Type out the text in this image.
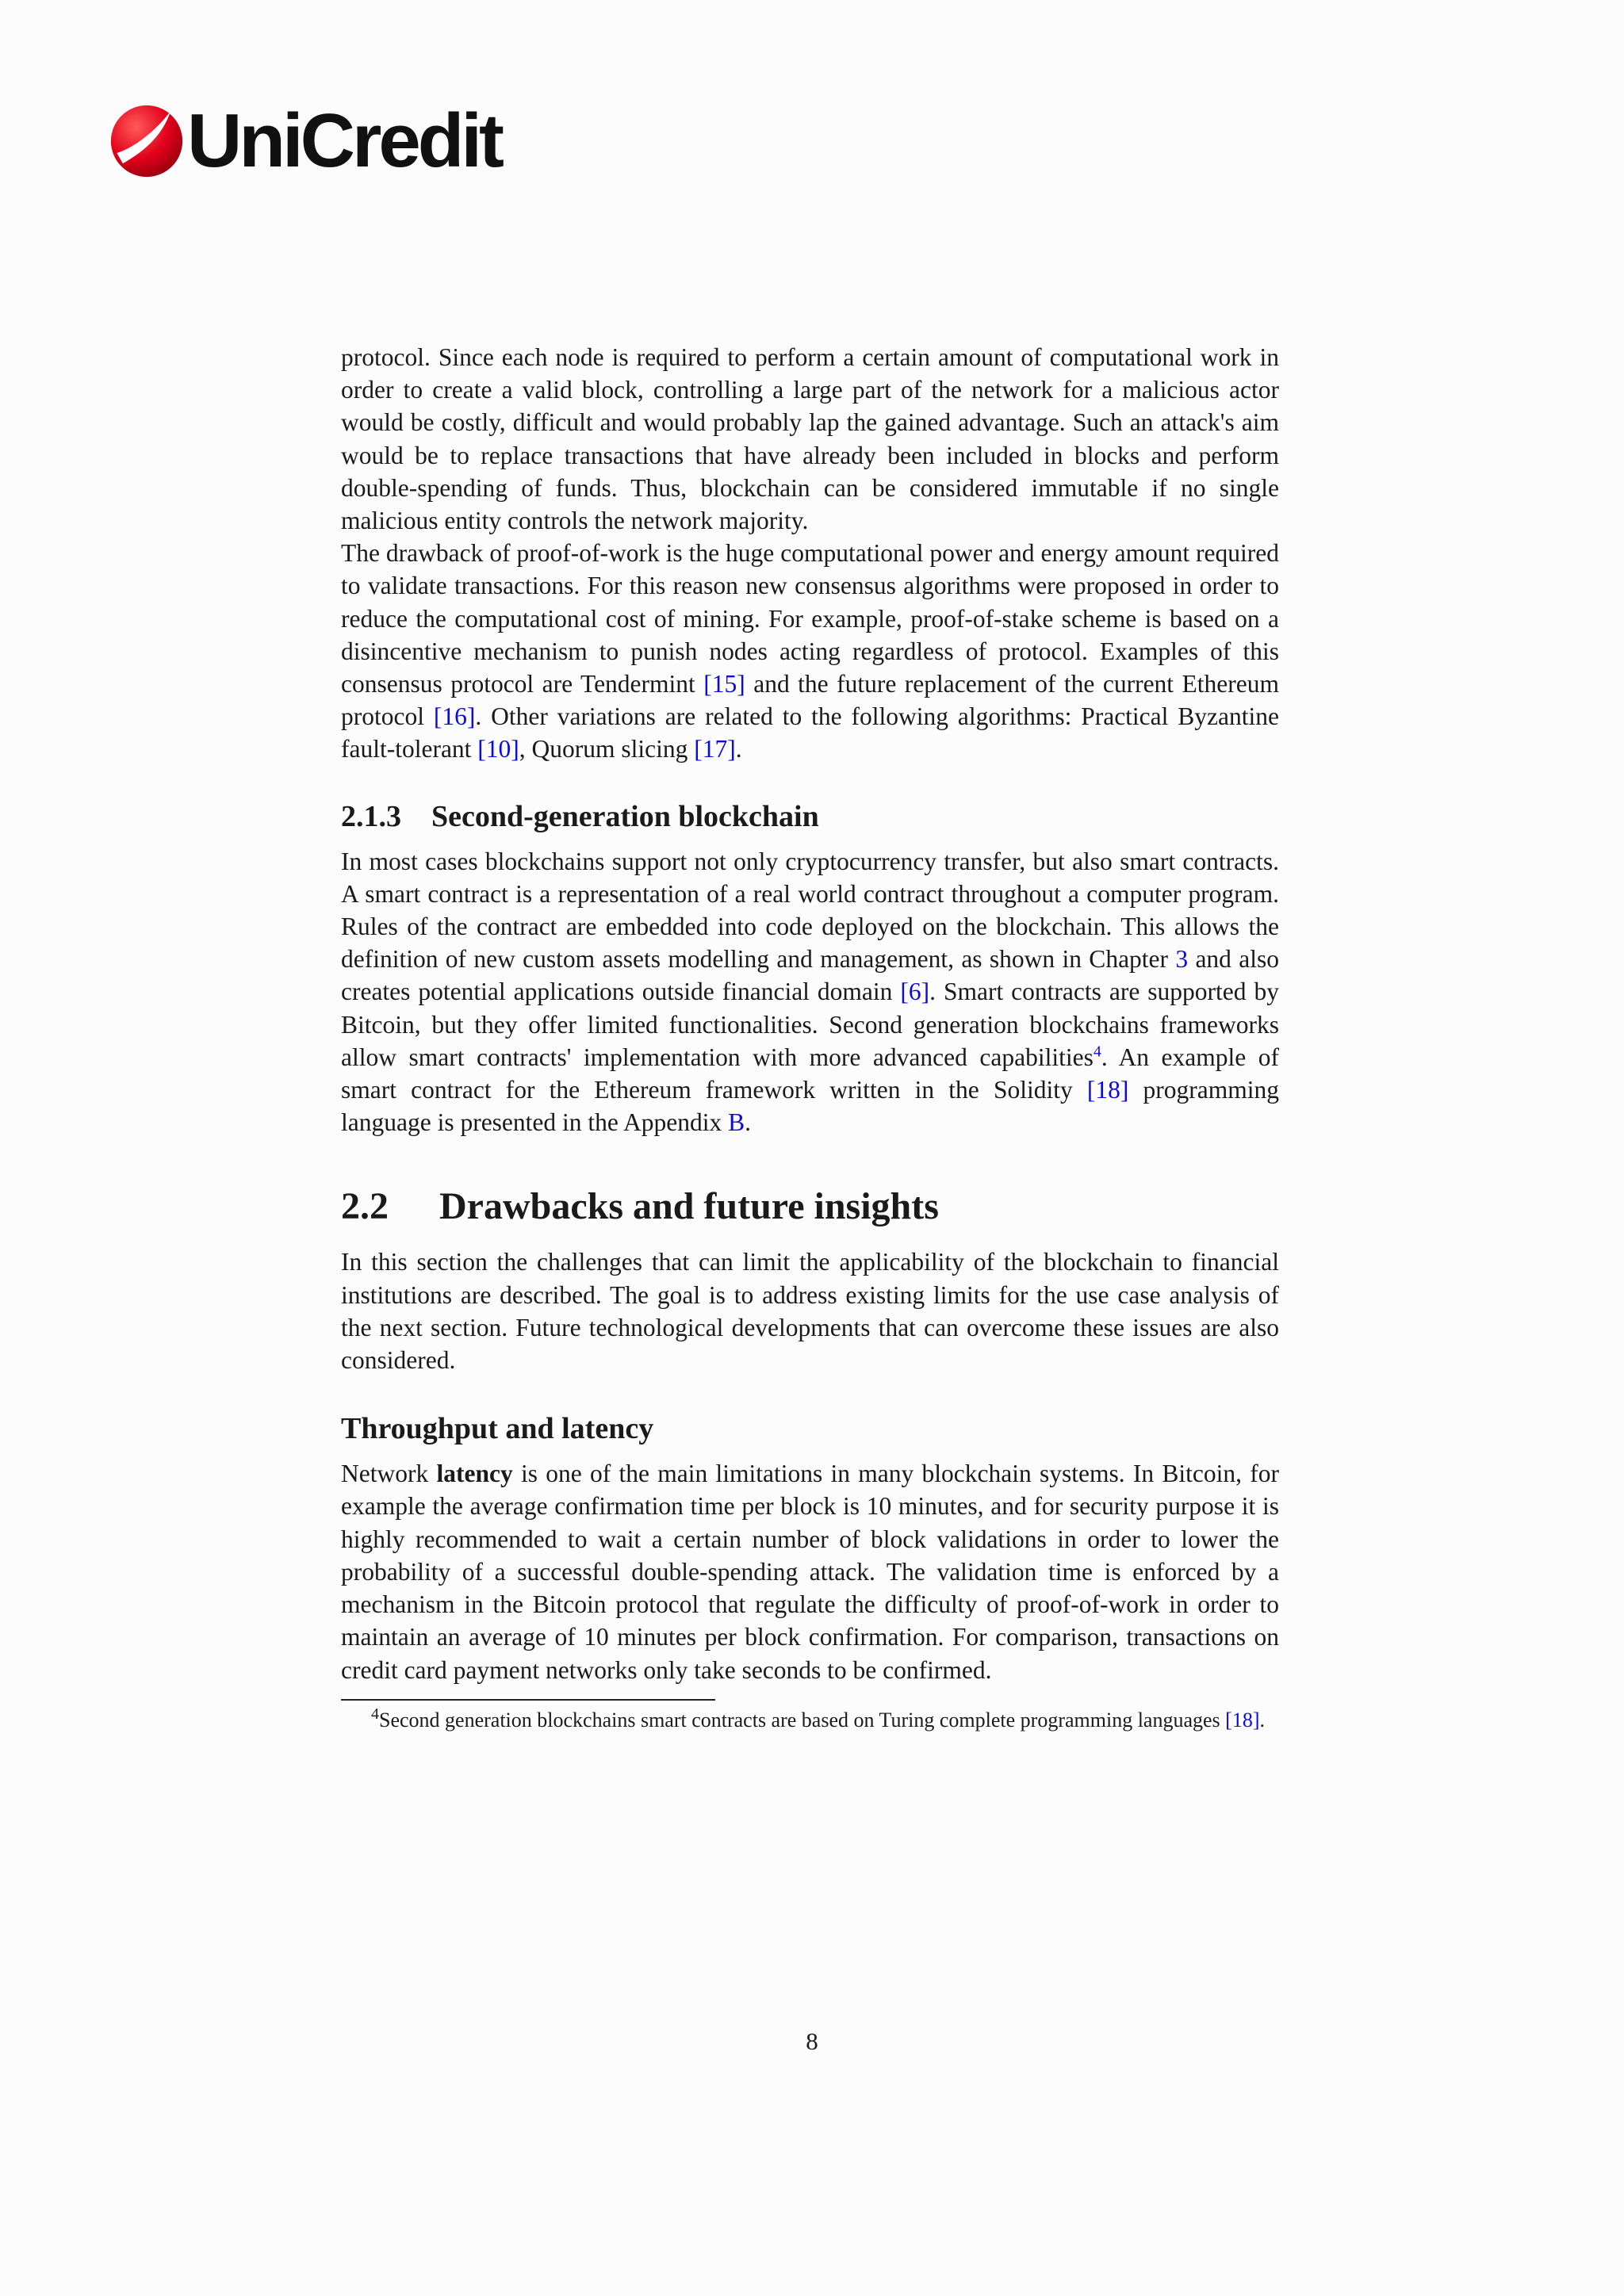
UniCredit

protocol. Since each node is required to perform a certain amount of computational work in order to create a valid block, controlling a large part of the network for a malicious actor would be costly, difficult and would probably lap the gained advantage. Such an attack's aim would be to replace transactions that have already been included in blocks and perform double-spending of funds. Thus, blockchain can be considered immutable if no single malicious entity controls the network majority.

The drawback of proof-of-work is the huge computational power and energy amount required to validate transactions. For this reason new consensus algorithms were proposed in order to reduce the computational cost of mining. For example, proof-of-stake scheme is based on a disincentive mechanism to punish nodes acting regardless of protocol. Examples of this consensus protocol are Tendermint [15] and the future replacement of the current Ethereum protocol [16]. Other variations are related to the following algorithms: Practical Byzantine fault-tolerant [10], Quorum slicing [17].

2.1.3 Second-generation blockchain

In most cases blockchains support not only cryptocurrency transfer, but also smart contracts. A smart contract is a representation of a real world contract throughout a computer program. Rules of the contract are embedded into code deployed on the blockchain. This allows the definition of new custom assets modelling and management, as shown in Chapter 3 and also creates potential applications outside financial domain [6]. Smart contracts are supported by Bitcoin, but they offer limited functionalities. Second generation blockchains frameworks allow smart contracts' implementation with more advanced capabilities$^4$. An example of smart contract for the Ethereum framework written in the Solidity [18] programming language is presented in the Appendix B.

2.2 Drawbacks and future insights

In this section the challenges that can limit the applicability of the blockchain to financial institutions are described. The goal is to address existing limits for the use case analysis of the next section. Future technological developments that can overcome these issues are also considered.

Throughput and latency

Network latency is one of the main limitations in many blockchain systems. In Bitcoin, for example the average confirmation time per block is 10 minutes, and for security purpose it is highly recommended to wait a certain number of block validations in order to lower the probability of a successful double-spending attack. The validation time is enforced by a mechanism in the Bitcoin protocol that regulate the difficulty of proof-of-work in order to maintain an average of 10 minutes per block confirmation. For comparison, transactions on credit card payment networks only take seconds to be confirmed.

$^4$Second generation blockchains smart contracts are based on Turing complete programming languages [18].

8
